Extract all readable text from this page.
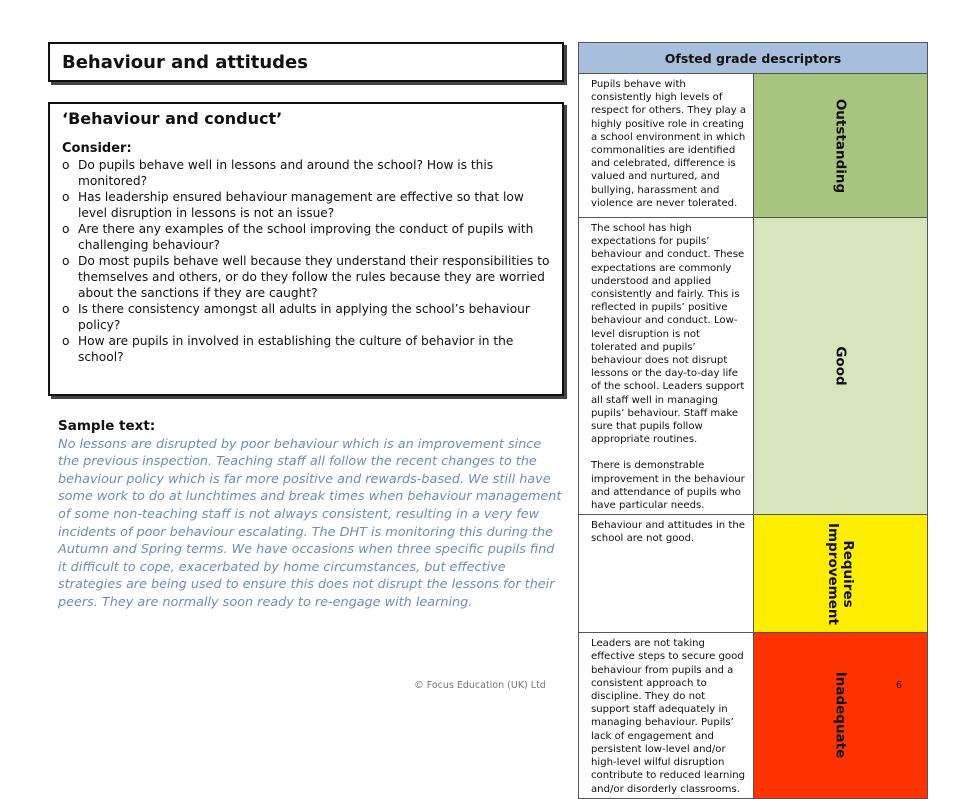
Behaviour and attitudes
‘Behaviour and conduct’
Consider:
o Do pupils behave well in lessons and around the school? How is this monitored?
o Has leadership ensured behaviour management are effective so that low level disruption in lessons is not an issue?
o Are there any examples of the school improving the conduct of pupils with challenging behaviour?
o Do most pupils behave well because they understand their responsibilities to themselves and others, or do they follow the rules because they are worried about the sanctions if they are caught?
o Is there consistency amongst all adults in applying the school’s behaviour policy?
o How are pupils in involved in establishing the culture of behavior in the school?
Sample text:
No lessons are disrupted by poor behaviour which is an improvement since the previous inspection. Teaching staff all follow the recent changes to the behaviour policy which is far more positive and rewards-based. We still have some work to do at lunchtimes and break times when behaviour management of some non-teaching staff is not always consistent, resulting in a very few incidents of poor behaviour escalating. The DHT is monitoring this during the Autumn and Spring terms. We have occasions when three specific pupils find it difficult to cope, exacerbated by home circumstances, but effective strategies are being used to ensure this does not disrupt the lessons for their peers. They are normally soon ready to re-engage with learning.
Ofsted grade descriptors	

Pupils behave with consistently high levels of respect for others. They play a highly positive role in creating a school environment in which commonalities are identified and celebrated, difference is valued and nurtured, and bullying, harassment and violence are never tolerated.	Outstanding

The school has high expectations for pupils’ behaviour and conduct. These expectations are commonly understood and applied consistently and fairly. This is reflected in pupils’ positive behaviour and conduct. Low-level disruption is not tolerated and pupils’ behaviour does not disrupt lessons or the day-to-day life of the school. Leaders support all staff well in managing pupils’ behaviour. Staff make sure that pupils follow appropriate routines.

There is demonstrable improvement in the behaviour and attendance of pupils who have particular needs.	Good

Behaviour and attitudes in the school are not good.	Requires
Improvement

Leaders are not taking effective steps to secure good behaviour from pupils and a consistent approach to discipline. They do not support staff adequately in managing behaviour. Pupils’ lack of engagement and persistent low-level and/or high-level wilful disruption contribute to reduced learning and/or disorderly classrooms.	Inadequate
© Focus Education (UK) Ltd	6
